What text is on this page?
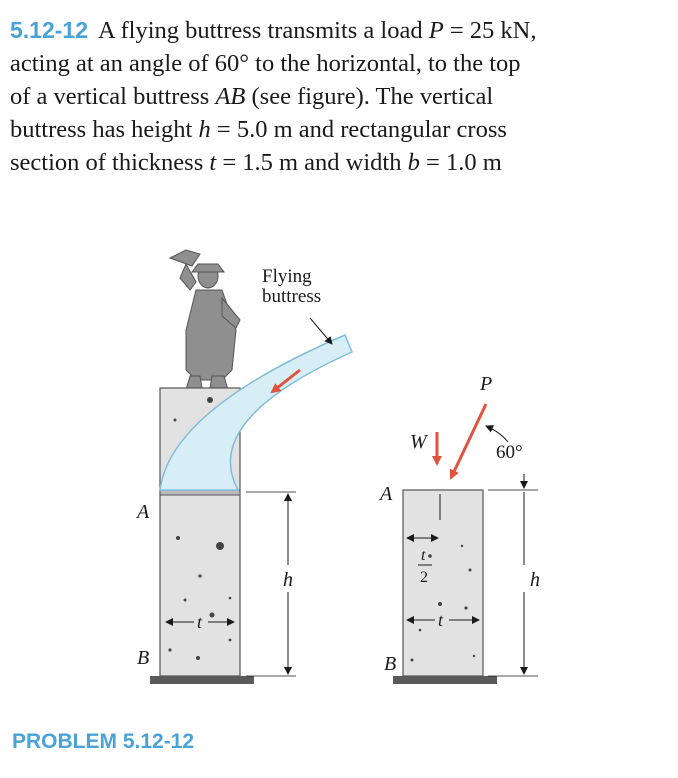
5.12-12 A flying buttress transmits a load P = 25 kN,
acting at an angle of 60° to the horizontal, to the top
of a vertical buttress AB (see figure). The vertical
buttress has height h = 5.0 m and rectangular cross
section of thickness t = 1.5 m and width b = 1.0 m
Flying
buttress
A
B
t
h
A
B
t
2
t
W
P
60°
h
PROBLEM 5.12-12
